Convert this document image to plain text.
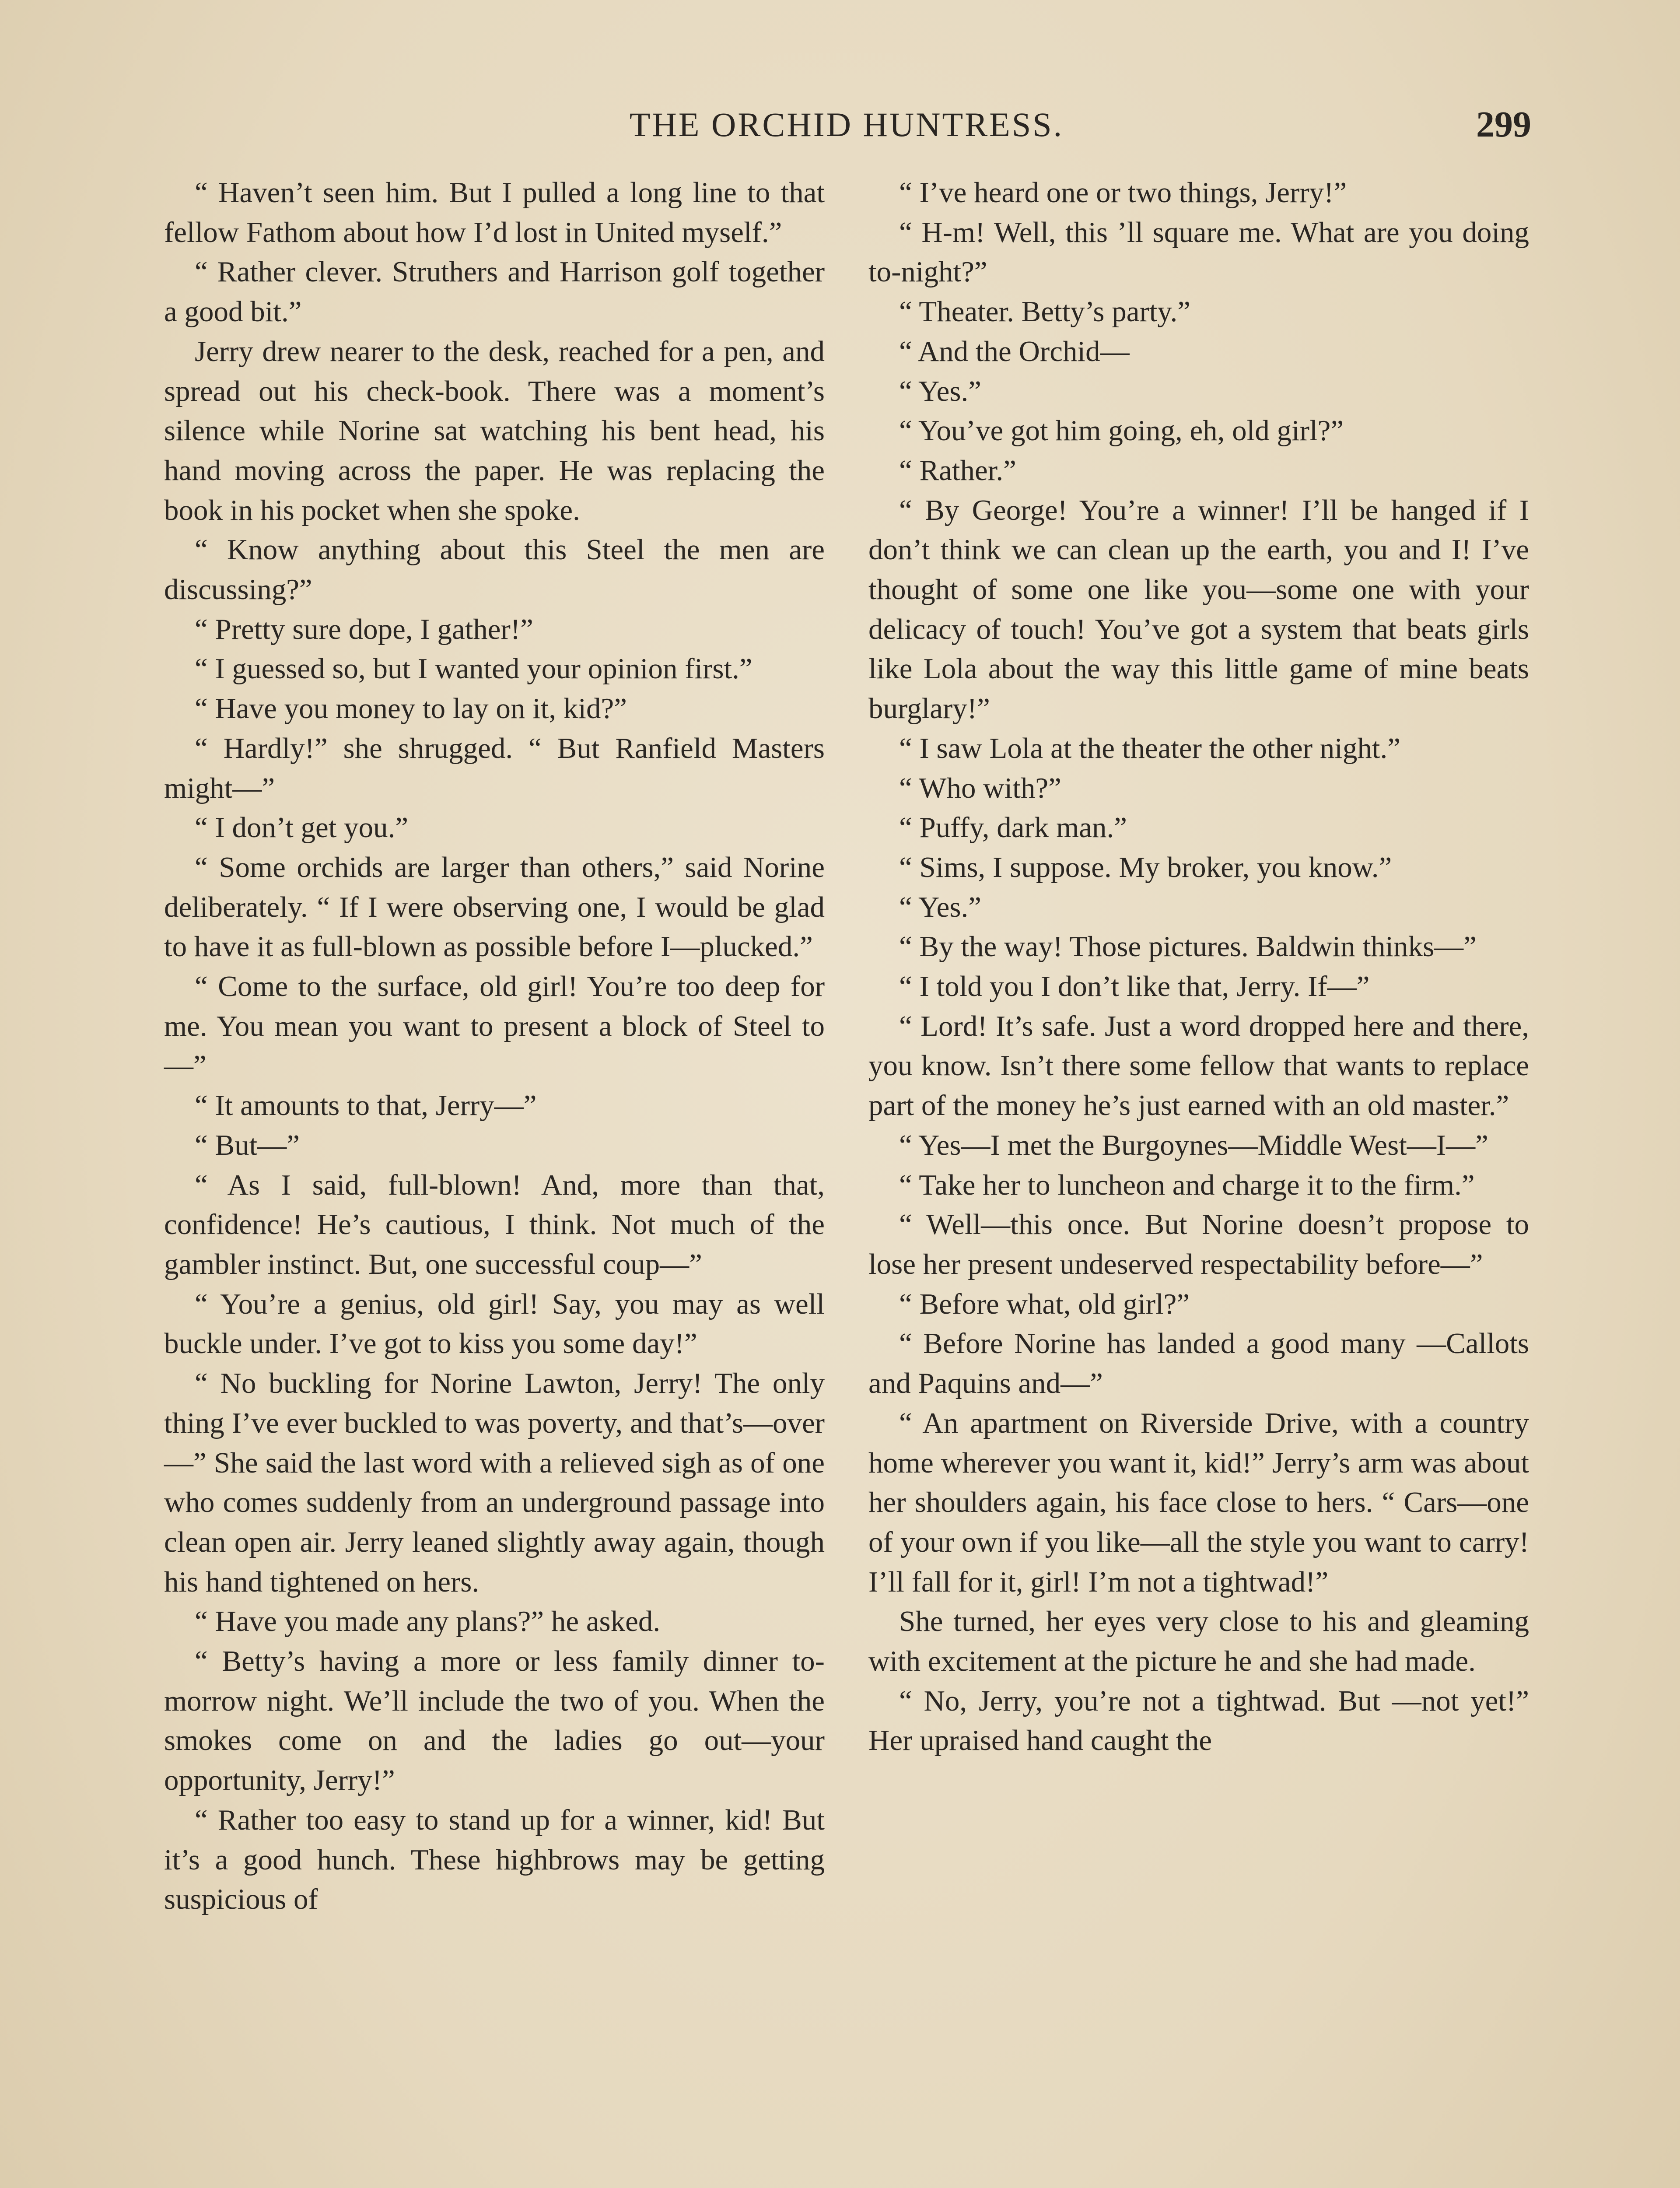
THE ORCHID HUNTRESS.	299

“ Haven’t seen him. But I pulled a long line to that fellow Fathom about how I’d lost in United myself.”

“ Rather clever. Struthers and Harrison golf together a good bit.”

Jerry drew nearer to the desk, reached for a pen, and spread out his check-book. There was a moment’s silence while Norine sat watching his bent head, his hand moving across the paper. He was replacing the book in his pocket when she spoke.

“ Know anything about this Steel the men are discussing?”

“ Pretty sure dope, I gather!”

“ I guessed so, but I wanted your opinion first.”

“ Have you money to lay on it, kid?”

“ Hardly!” she shrugged. “ But Ranfield Masters might—”

“ I don’t get you.”

“ Some orchids are larger than others,” said Norine deliberately. “ If I were observing one, I would be glad to have it as full-blown as possible before I—plucked.”

“ Come to the surface, old girl! You’re too deep for me. You mean you want to present a block of Steel to—”

“ It amounts to that, Jerry—”

“ But—”

“ As I said, full-blown! And, more than that, confidence! He’s cautious, I think. Not much of the gambler instinct. But, one successful coup—”

“ You’re a genius, old girl! Say, you may as well buckle under. I’ve got to kiss you some day!”

“ No buckling for Norine Lawton, Jerry! The only thing I’ve ever buckled to was poverty, and that’s—over—” She said the last word with a relieved sigh as of one who comes suddenly from an underground passage into clean open air. Jerry leaned slightly away again, though his hand tightened on hers.

“ Have you made any plans?” he asked.

“ Betty’s having a more or less family dinner to-morrow night. We’ll include the two of you. When the smokes come on and the ladies go out—your opportunity, Jerry!”

“ Rather too easy to stand up for a winner, kid! But it’s a good hunch. These highbrows may be getting suspicious of

“ I’ve heard one or two things, Jerry!”

“ H-m! Well, this ’ll square me. What are you doing to-night?”

“ Theater. Betty’s party.”

“ And the Orchid—

“ Yes.”

“ You’ve got him going, eh, old girl?”

“ Rather.”

“ By George! You’re a winner! I’ll be hanged if I don’t think we can clean up the earth, you and I! I’ve thought of some one like you—some one with your delicacy of touch! You’ve got a system that beats girls like Lola about the way this little game of mine beats burglary!”

“ I saw Lola at the theater the other night.”

“ Who with?”

“ Puffy, dark man.”

“ Sims, I suppose. My broker, you know.”

“ Yes.”

“ By the way! Those pictures. Baldwin thinks—”

“ I told you I don’t like that, Jerry. If—”

“ Lord! It’s safe. Just a word dropped here and there, you know. Isn’t there some fellow that wants to replace part of the money he’s just earned with an old master.”

“ Yes—I met the Burgoynes—Middle West—I—”

“ Take her to luncheon and charge it to the firm.”

“ Well—this once. But Norine doesn’t propose to lose her present undeserved respectability before—”

“ Before what, old girl?”

“ Before Norine has landed a good many —Callots and Paquins and—”

“ An apartment on Riverside Drive, with a country home wherever you want it, kid!” Jerry’s arm was about her shoulders again, his face close to hers. “ Cars—one of your own if you like—all the style you want to carry! I’ll fall for it, girl! I’m not a tightwad!”

She turned, her eyes very close to his and gleaming with excitement at the picture he and she had made.

“ No, Jerry, you’re not a tightwad. But —not yet!” Her upraised hand caught the
